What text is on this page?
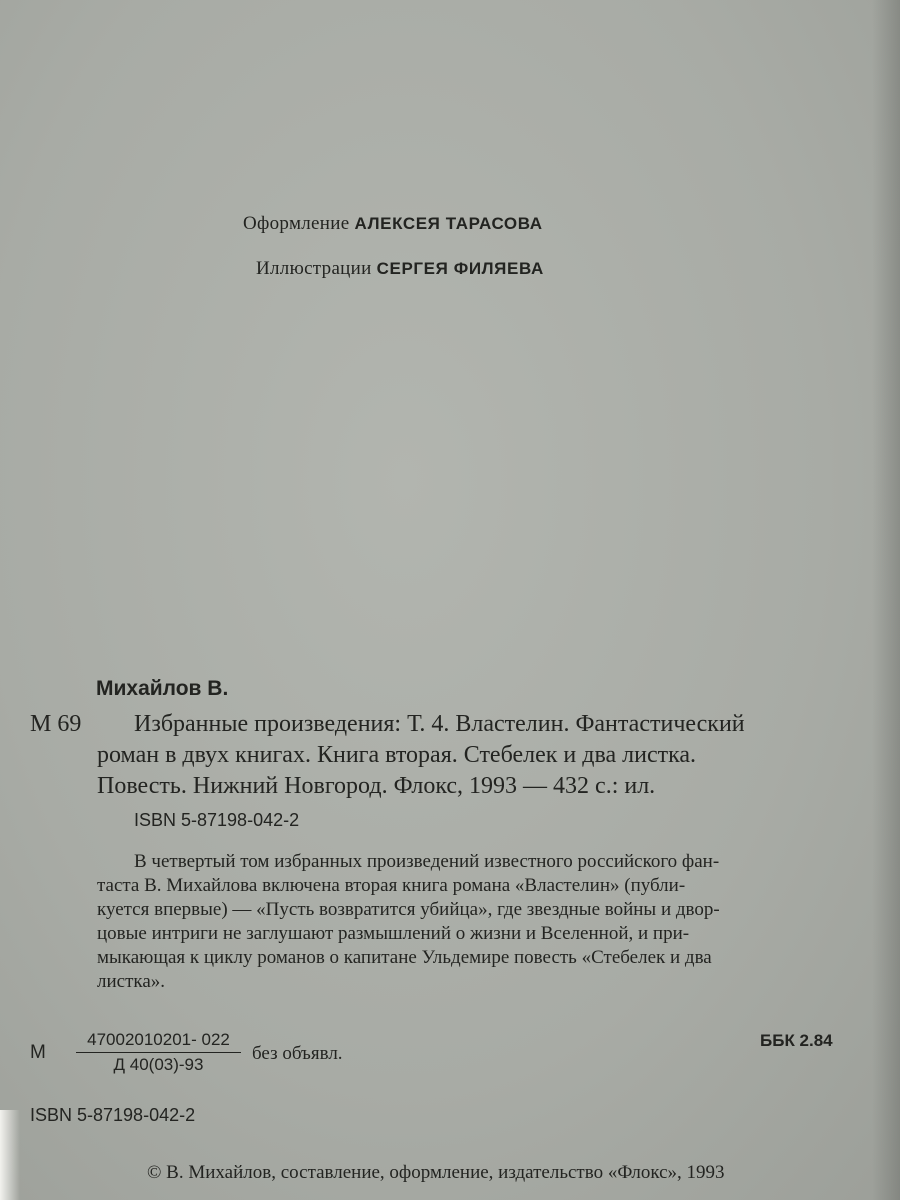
Оформление АЛЕКСЕЯ ТАРАСОВА
Иллюстрации СЕРГЕЯ ФИЛЯЕВА
Михайлов В.
М 69 Избранные произведения: Т. 4. Властелин. Фантастический
роман в двух книгах. Книга вторая. Стебелек и два листка.
Повесть. Нижний Новгород. Флокс, 1993 — 432 с.: ил.
ISBN 5-87198-042-2
В четвертый том избранных произведений известного российского фан-
таста В. Михайлова включена вторая книга романа «Властелин» (публи-
куется впервые) — «Пусть возвратится убийца», где звездные войны и двор-
цовые интриги не заглушают размышлений о жизни и Вселенной, и при-
мыкающая к циклу романов о капитане Ульдемире повесть «Стебелек и два
листка».
М
47002010201- 022
Д 40(03)-93
без объявл.
ББК 2.84
ISBN 5-87198-042-2
© В. Михайлов, составление, оформление, издательство «Флокс», 1993
